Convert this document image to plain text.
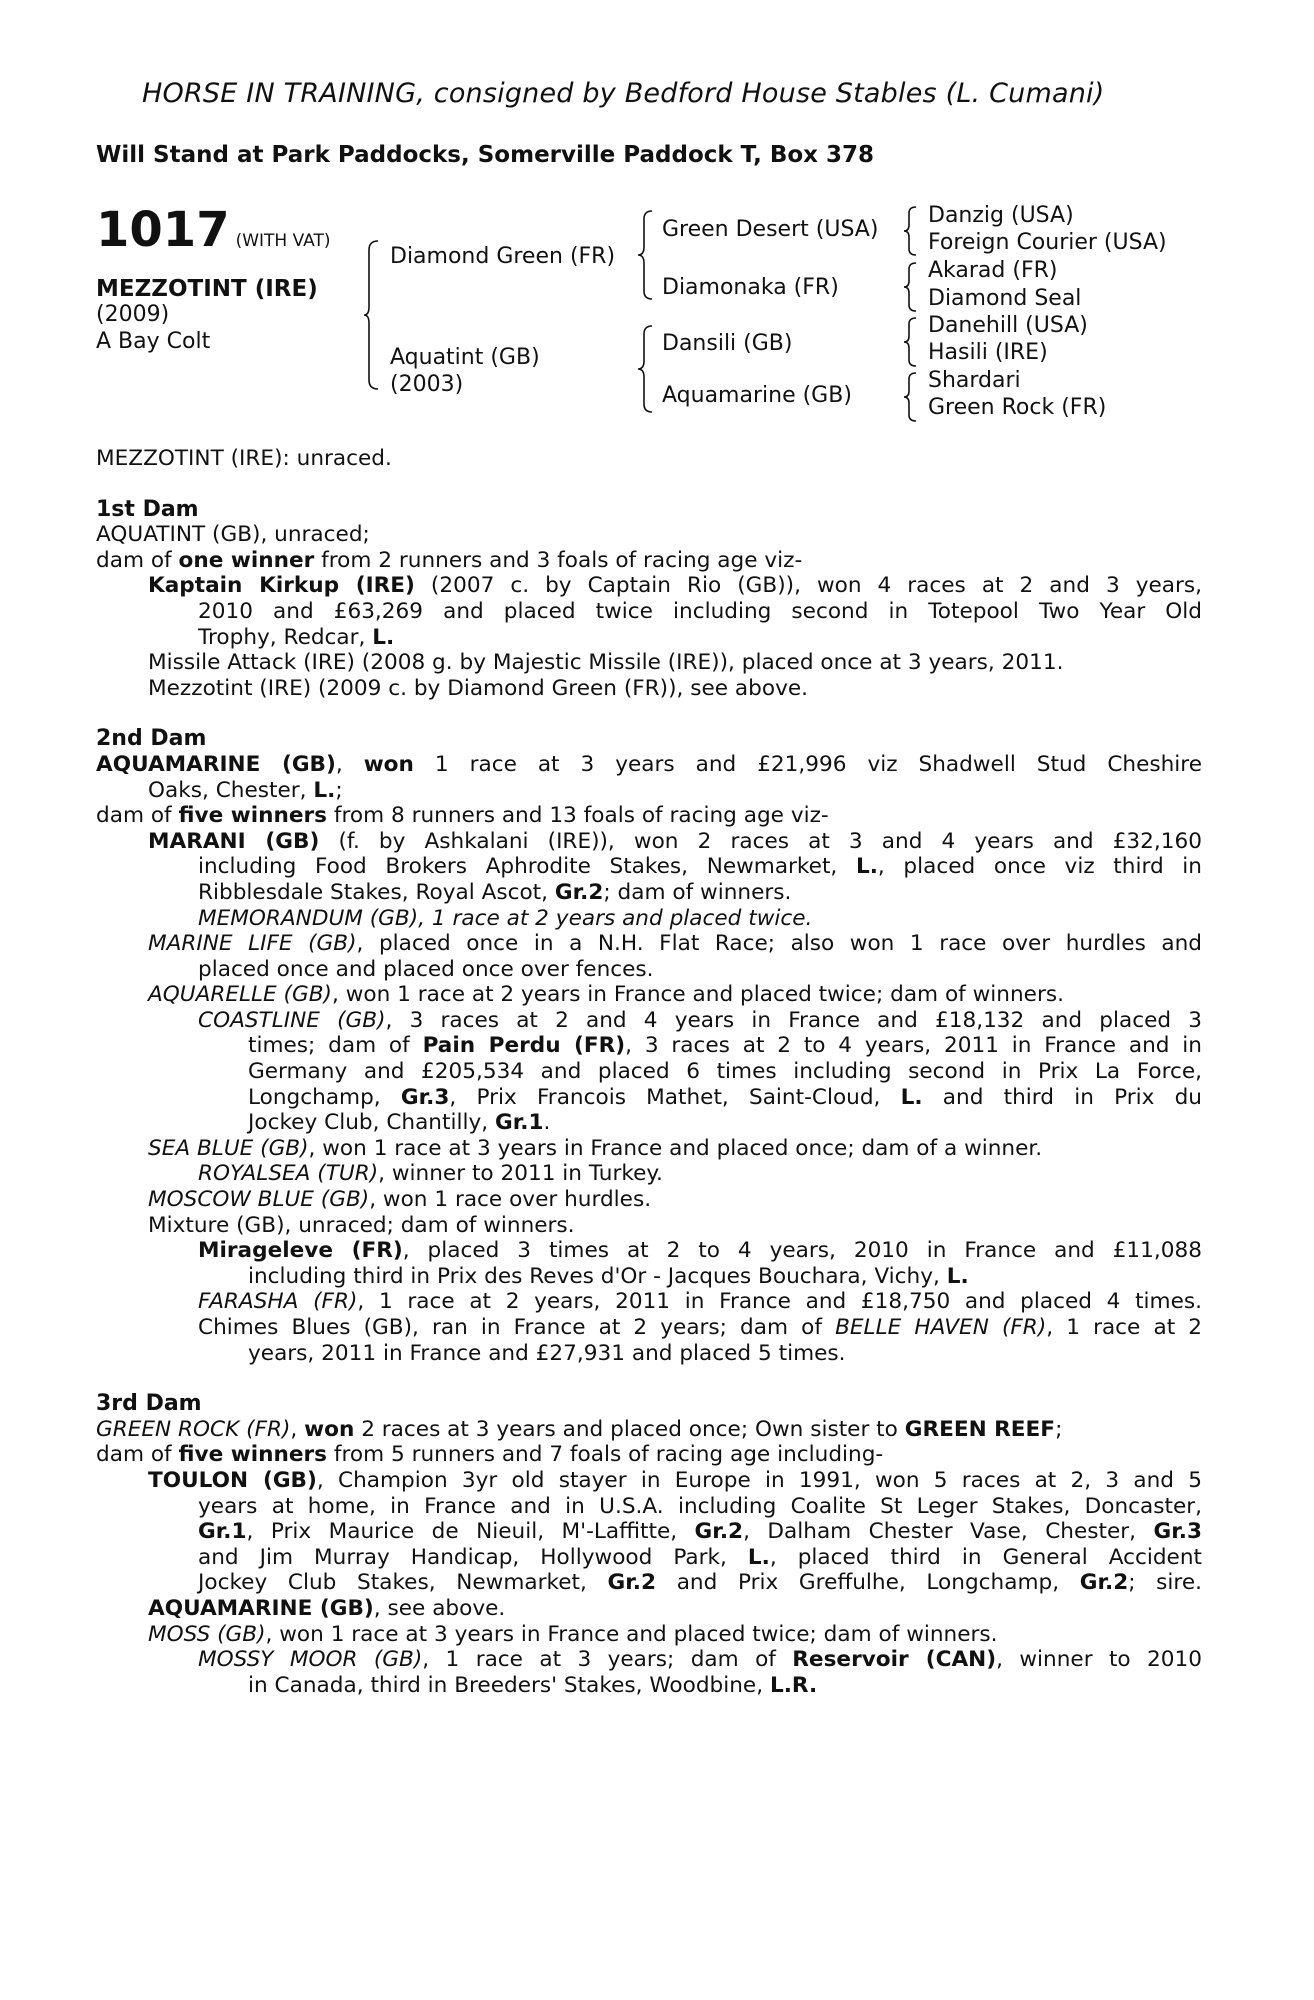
HORSE IN TRAINING, consigned by Bedford House Stables (L. Cumani)
Will Stand at Park Paddocks, Somerville Paddock T, Box 378
1017 (WITH VAT)
MEZZOTINT (IRE)
(2009)
A Bay Colt
Diamond Green (FR)
Aquatint (GB)
(2003)
Green Desert (USA)
Diamonaka (FR)
Dansili (GB)
Aquamarine (GB)
Danzig (USA)
Foreign Courier (USA)
Akarad (FR)
Diamond Seal
Danehill (USA)
Hasili (IRE)
Shardari
Green Rock (FR)
MEZZOTINT (IRE): unraced.
1st Dam
AQUATINT (GB), unraced;
dam of one winner from 2 runners and 3 foals of racing age viz-
Kaptain Kirkup (IRE) (2007 c. by Captain Rio (GB)), won 4 races at 2 and 3 years,
2010 and £63,269 and placed twice including second in Totepool Two Year Old
Trophy, Redcar, L.
Missile Attack (IRE) (2008 g. by Majestic Missile (IRE)), placed once at 3 years, 2011.
Mezzotint (IRE) (2009 c. by Diamond Green (FR)), see above.
2nd Dam
AQUAMARINE (GB), won 1 race at 3 years and £21,996 viz Shadwell Stud Cheshire
Oaks, Chester, L.;
dam of five winners from 8 runners and 13 foals of racing age viz-
MARANI (GB) (f. by Ashkalani (IRE)), won 2 races at 3 and 4 years and £32,160
including Food Brokers Aphrodite Stakes, Newmarket, L., placed once viz third in
Ribblesdale Stakes, Royal Ascot, Gr.2; dam of winners.
MEMORANDUM (GB), 1 race at 2 years and placed twice.
MARINE LIFE (GB), placed once in a N.H. Flat Race; also won 1 race over hurdles and
placed once and placed once over fences.
AQUARELLE (GB), won 1 race at 2 years in France and placed twice; dam of winners.
COASTLINE (GB), 3 races at 2 and 4 years in France and £18,132 and placed 3
times; dam of Pain Perdu (FR), 3 races at 2 to 4 years, 2011 in France and in
Germany and £205,534 and placed 6 times including second in Prix La Force,
Longchamp, Gr.3, Prix Francois Mathet, Saint-Cloud, L. and third in Prix du
Jockey Club, Chantilly, Gr.1.
SEA BLUE (GB), won 1 race at 3 years in France and placed once; dam of a winner.
ROYALSEA (TUR), winner to 2011 in Turkey.
MOSCOW BLUE (GB), won 1 race over hurdles.
Mixture (GB), unraced; dam of winners.
Mirageleve (FR), placed 3 times at 2 to 4 years, 2010 in France and £11,088
including third in Prix des Reves d'Or - Jacques Bouchara, Vichy, L.
FARASHA (FR), 1 race at 2 years, 2011 in France and £18,750 and placed 4 times.
Chimes Blues (GB), ran in France at 2 years; dam of BELLE HAVEN (FR), 1 race at 2
years, 2011 in France and £27,931 and placed 5 times.
3rd Dam
GREEN ROCK (FR), won 2 races at 3 years and placed once; Own sister to GREEN REEF;
dam of five winners from 5 runners and 7 foals of racing age including-
TOULON (GB), Champion 3yr old stayer in Europe in 1991, won 5 races at 2, 3 and 5
years at home, in France and in U.S.A. including Coalite St Leger Stakes, Doncaster,
Gr.1, Prix Maurice de Nieuil, M'-Laffitte, Gr.2, Dalham Chester Vase, Chester, Gr.3
and Jim Murray Handicap, Hollywood Park, L., placed third in General Accident
Jockey Club Stakes, Newmarket, Gr.2 and Prix Greffulhe, Longchamp, Gr.2; sire.
AQUAMARINE (GB), see above.
MOSS (GB), won 1 race at 3 years in France and placed twice; dam of winners.
MOSSY MOOR (GB), 1 race at 3 years; dam of Reservoir (CAN), winner to 2010
in Canada, third in Breeders' Stakes, Woodbine, L.R.
